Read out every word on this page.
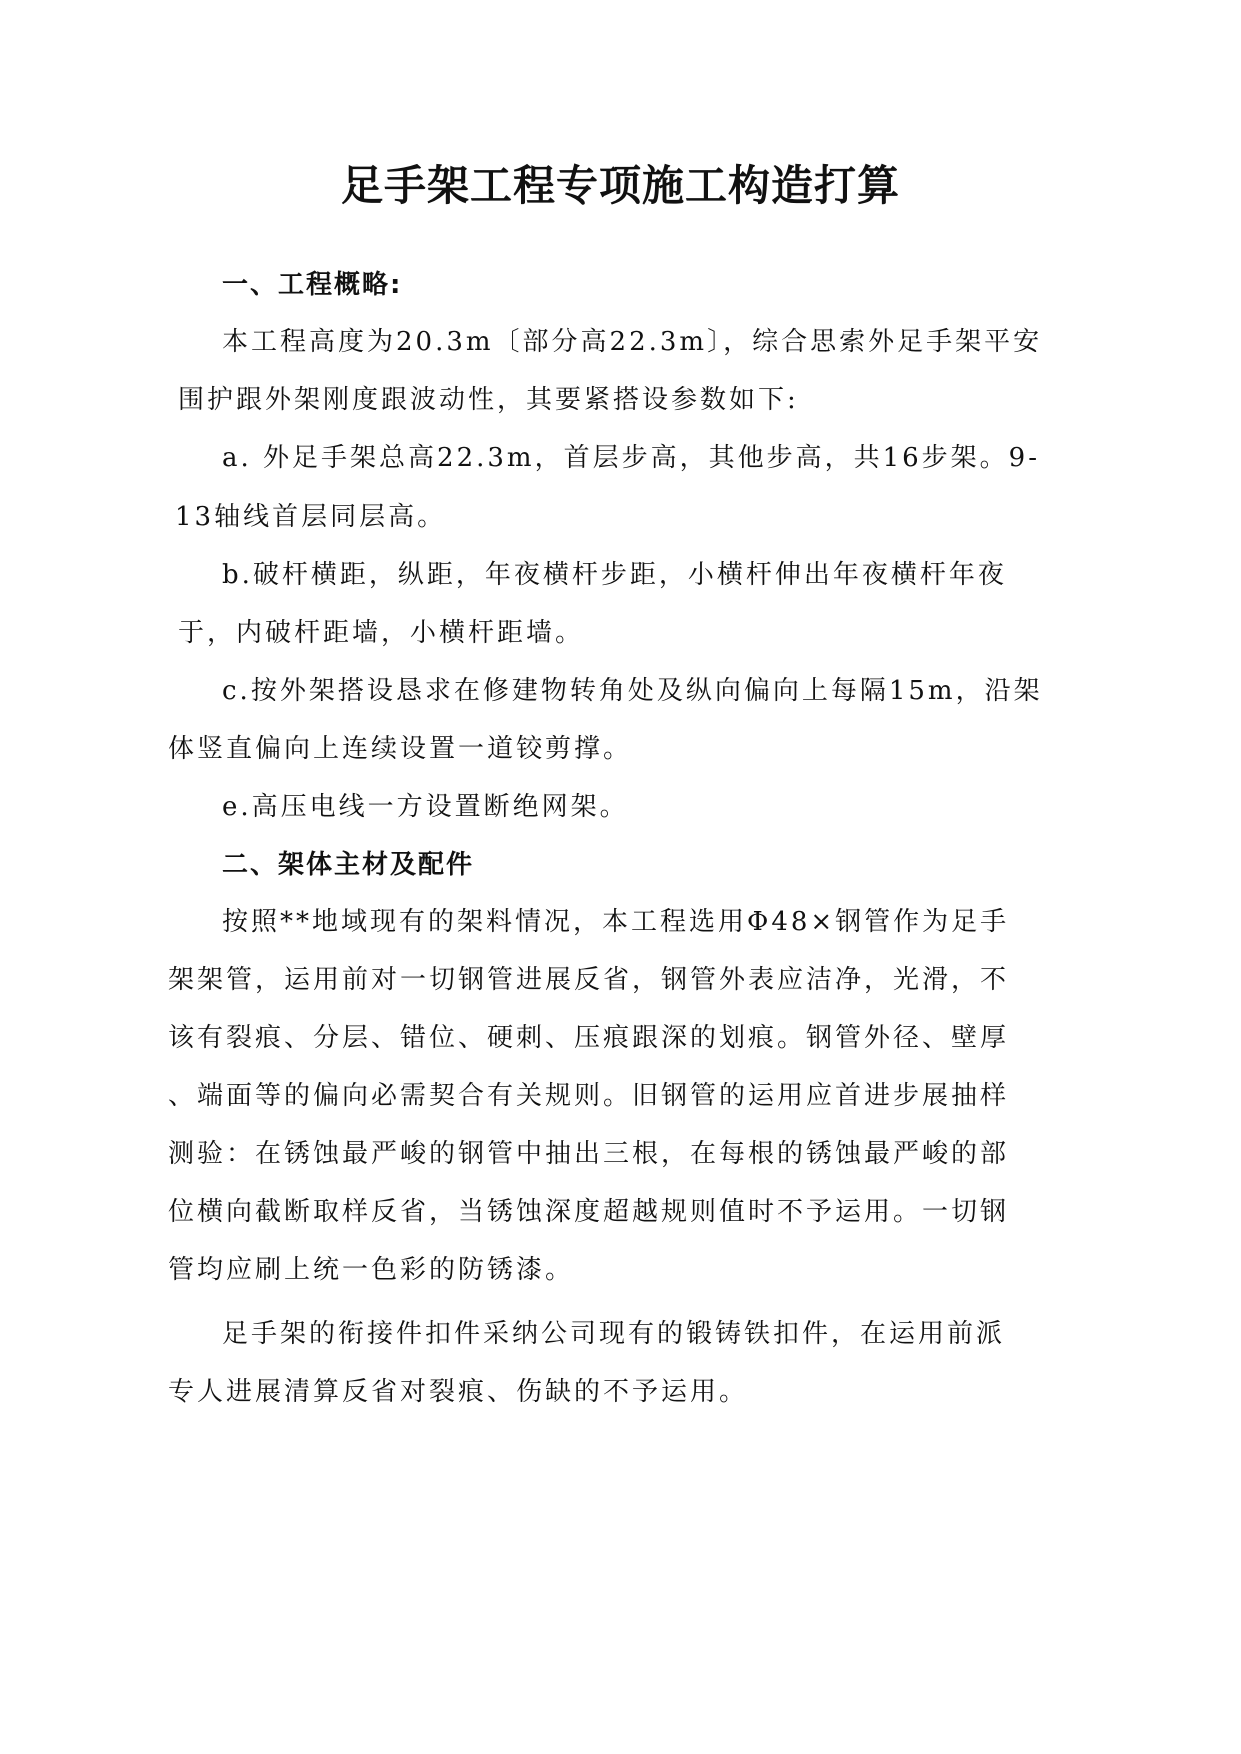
足手架工程专项施工构造打算
一、工程概略:
本工程高度为20.3m〔部分高22.3m〕，综合思索外足手架平安
围护跟外架刚度跟波动性，其要紧搭设参数如下:
a. 外足手架总高22.3m，首层步高，其他步高，共16步架。9-
13轴线首层同层高。
b.破杆横距，纵距，年夜横杆步距，小横杆伸出年夜横杆年夜
于，内破杆距墙，小横杆距墙。
c.按外架搭设恳求在修建物转角处及纵向偏向上每隔15m，沿架
体竖直偏向上连续设置一道铰剪撑。
e.高压电线一方设置断绝网架。
二、架体主材及配件
按照**地域现有的架料情况，本工程选用Φ48×钢管作为足手
架架管，运用前对一切钢管进展反省，钢管外表应洁净，光滑，不
该有裂痕、分层、错位、硬刺、压痕跟深的划痕。钢管外径、壁厚
、端面等的偏向必需契合有关规则。旧钢管的运用应首进步展抽样
测验：在锈蚀最严峻的钢管中抽出三根，在每根的锈蚀最严峻的部
位横向截断取样反省，当锈蚀深度超越规则值时不予运用。一切钢
管均应刷上统一色彩的防锈漆。
足手架的衔接件扣件采纳公司现有的锻铸铁扣件，在运用前派
专人进展清算反省对裂痕、伤缺的不予运用。
